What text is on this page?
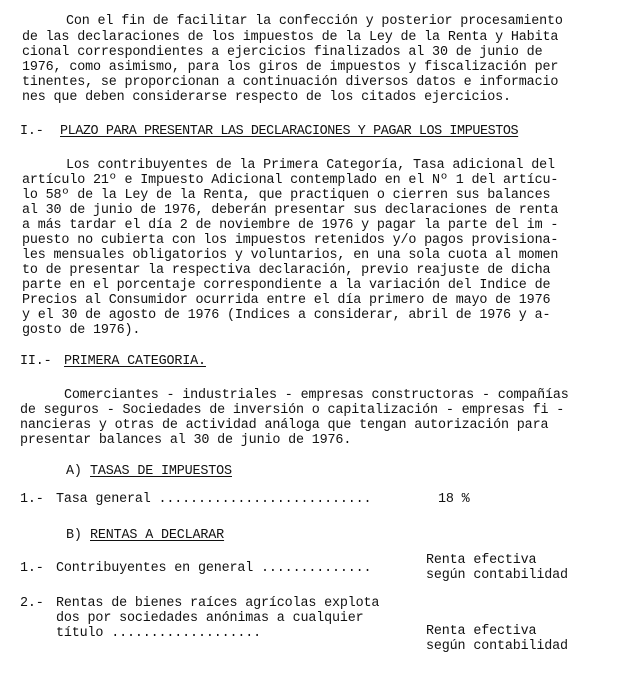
Con el fin de facilitar la confección y posterior procesamiento
de las declaraciones de los impuestos de la Ley de la Renta y Habita
cional correspondientes a ejercicios finalizados al 30 de junio de
1976, como asimismo, para los giros de impuestos y fiscalización per
tinentes, se proporcionan a continuación diversos datos e informacio
nes que deben considerarse respecto de los citados ejercicios.
I.- PLAZO PARA PRESENTAR LAS DECLARACIONES Y PAGAR LOS IMPUESTOS
Los contribuyentes de la Primera Categoría, Tasa adicional del
artículo 21º e Impuesto Adicional contemplado en el Nº 1 del artícu-
lo 58º de la Ley de la Renta, que practiquen o cierren sus balances
al 30 de junio de 1976, deberán presentar sus declaraciones de renta
a más tardar el día 2 de noviembre de 1976 y pagar la parte del im -
puesto no cubierta con los impuestos retenidos y/o pagos provisiona-
les mensuales obligatorios y voluntarios, en una sola cuota al momen
to de presentar la respectiva declaración, previo reajuste de dicha
parte en el porcentaje correspondiente a la variación del Indice de
Precios al Consumidor ocurrida entre el día primero de mayo de 1976
y el 30 de agosto de 1976 (Indices a considerar, abril de 1976 y a-
gosto de 1976).
II.- PRIMERA CATEGORIA.
Comerciantes - industriales - empresas constructoras - compañías
de seguros - Sociedades de inversión o capitalización - empresas fi -
nancieras y otras de actividad análoga que tengan autorización para
presentar balances al 30 de junio de 1976.
A) TASAS DE IMPUESTOS
1.- Tasa general ...........................	18 %
B) RENTAS A DECLARAR
1.- Contribuyentes en general ..............
Renta efectiva
según contabilidad
2.- Rentas de bienes raíces agrícolas explota
dos por sociedades anónimas a cualquier
título ...................	Renta efectiva
según contabilidad
